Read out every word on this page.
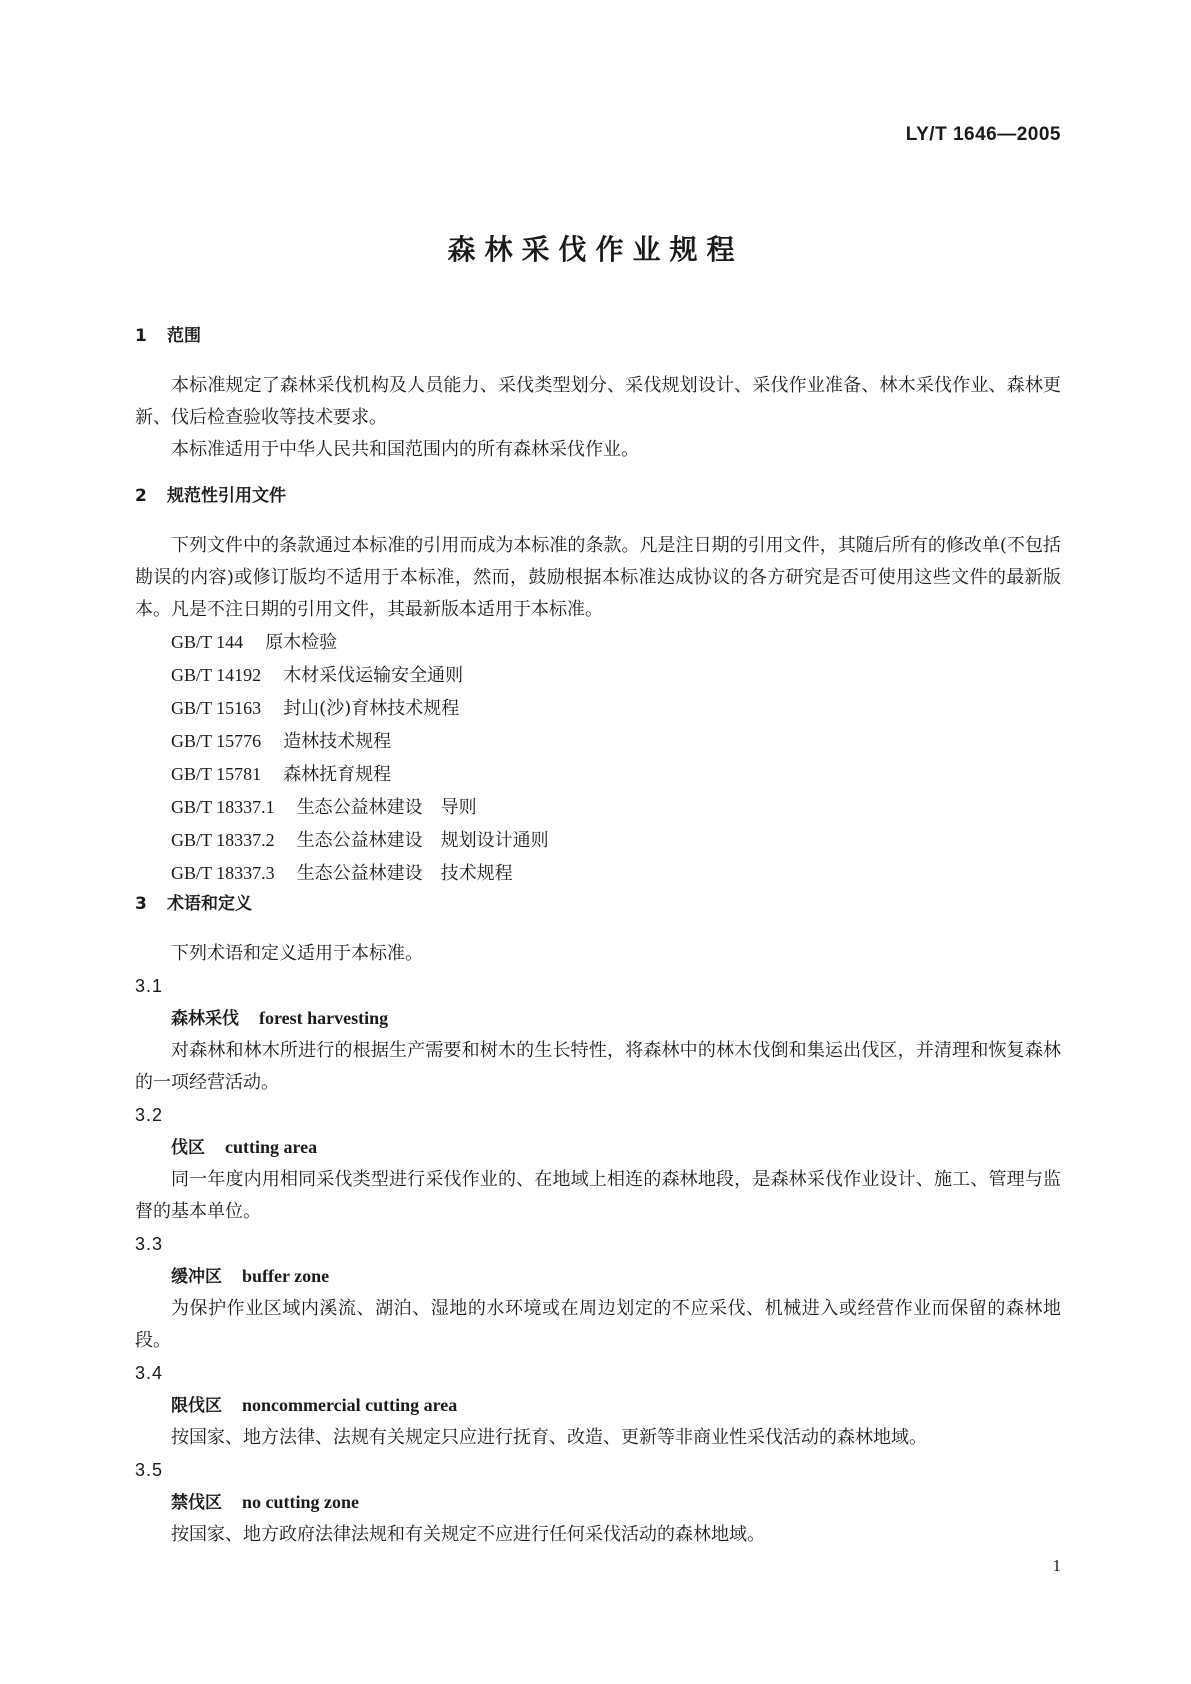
LY/T 1646—2005
森林采伐作业规程
1 范围

本标准规定了森林采伐机构及人员能力、采伐类型划分、采伐规划设计、采伐作业准备、林木采伐作业、森林更新、伐后检查验收等技术要求。

本标准适用于中华人民共和国范围内的所有森林采伐作业。

2 规范性引用文件

下列文件中的条款通过本标准的引用而成为本标准的条款。凡是注日期的引用文件，其随后所有的修改单(不包括勘误的内容)或修订版均不适用于本标准，然而，鼓励根据本标准达成协议的各方研究是否可使用这些文件的最新版本。凡是不注日期的引用文件，其最新版本适用于本标准。

GB/T 144 原木检验
GB/T 14192 木材采伐运输安全通则
GB/T 15163 封山(沙)育林技术规程
GB/T 15776 造林技术规程
GB/T 15781 森林抚育规程
GB/T 18337.1 生态公益林建设　导则
GB/T 18337.2 生态公益林建设　规划设计通则
GB/T 18337.3 生态公益林建设　技术规程
3 术语和定义

下列术语和定义适用于本标准。

3.1

森林采伐 forest harvesting

对森林和林木所进行的根据生产需要和树木的生长特性，将森林中的林木伐倒和集运出伐区，并清理和恢复森林的一项经营活动。

3.2

伐区 cutting area

同一年度内用相同采伐类型进行采伐作业的、在地域上相连的森林地段，是森林采伐作业设计、施工、管理与监督的基本单位。

3.3

缓冲区 buffer zone

为保护作业区域内溪流、湖泊、湿地的水环境或在周边划定的不应采伐、机械进入或经营作业而保留的森林地段。

3.4

限伐区 noncommercial cutting area

按国家、地方法律、法规有关规定只应进行抚育、改造、更新等非商业性采伐活动的森林地域。

3.5

禁伐区 no cutting zone

按国家、地方政府法律法规和有关规定不应进行任何采伐活动的森林地域。

1
